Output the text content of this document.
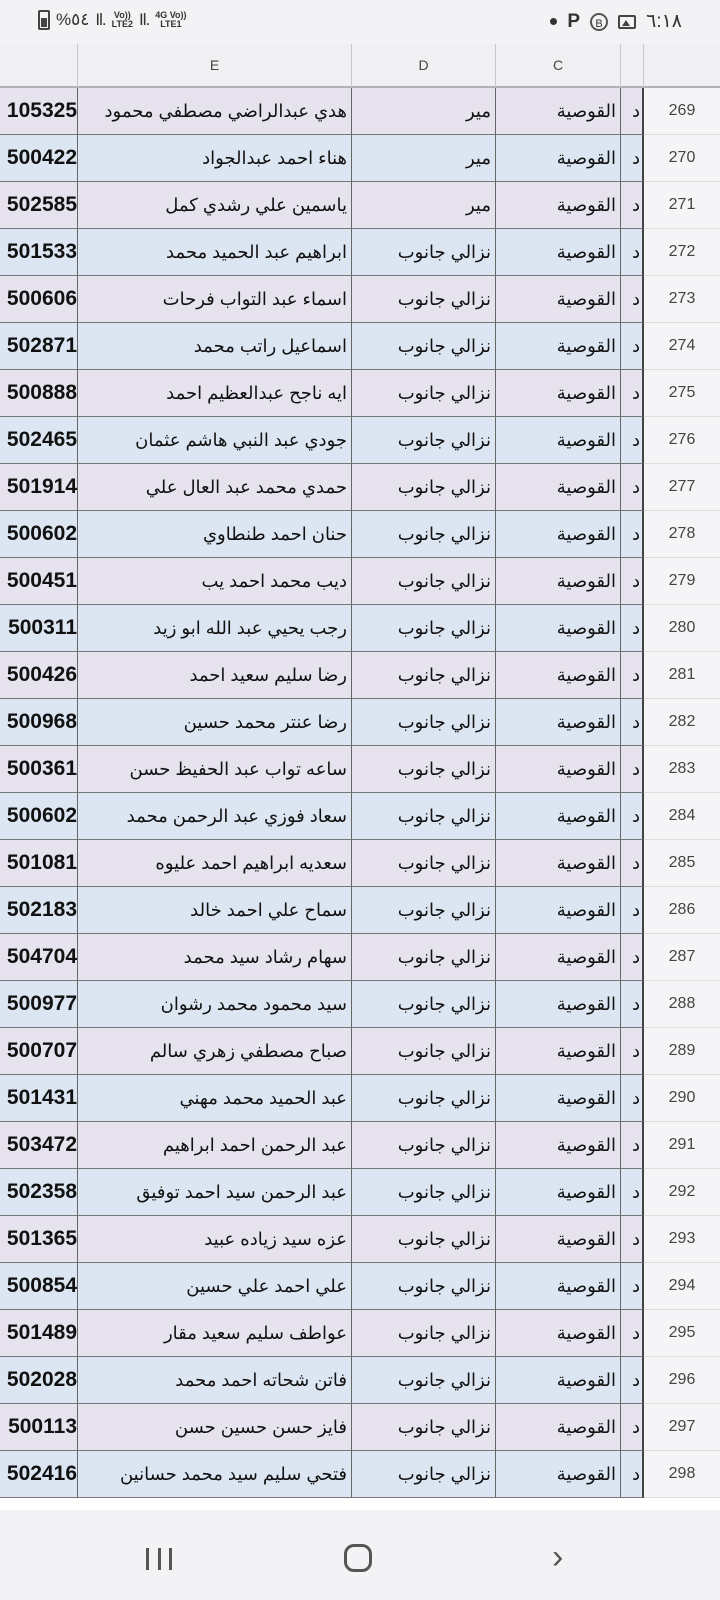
%٥٤ Il. Vo))
LTE2 Il. 4G Vo))
LTE1	P	B ٦:١٨
E	D	C
105325	هدي عبدالراضي مصطفي محمود	مير	القوصية د	269
500422	هناء احمد عبدالجواد	مير	القوصية د	270
502585	ياسمين علي رشدي كمل	مير	القوصية د	271
501533	ابراهيم عبد الحميد محمد	نزالي جانوب	القوصية د	272
500606	اسماء عبد التواب فرحات	نزالي جانوب	القوصية د	273
502871	اسماعيل راتب محمد	نزالي جانوب	القوصية د	274
500888	ايه ناجح عبدالعظيم احمد	نزالي جانوب	القوصية د	275
502465	جودي عبد النبي هاشم عثمان	نزالي جانوب	القوصية د	276
501914	حمدي محمد عبد العال علي	نزالي جانوب	القوصية د	277
500602	حنان احمد طنطاوي	نزالي جانوب	القوصية د	278
500451	ديب محمد احمد يب	نزالي جانوب	القوصية د	279
500311	رجب يحيي عبد الله ابو زيد	نزالي جانوب	القوصية د	280
500426	رضا سليم سعيد احمد	نزالي جانوب	القوصية د	281
500968	رضا عنتر محمد حسين	نزالي جانوب	القوصية د	282
500361	ساعه تواب عبد الحفيظ حسن	نزالي جانوب	القوصية د	283
500602	سعاد فوزي عبد الرحمن محمد	نزالي جانوب	القوصية د	284
501081	سعديه ابراهيم احمد عليوه	نزالي جانوب	القوصية د	285
502183	سماح علي احمد خالد	نزالي جانوب	القوصية د	286
504704	سهام رشاد سيد محمد	نزالي جانوب	القوصية د	287
500977	سيد محمود محمد رشوان	نزالي جانوب	القوصية د	288
500707	صباح مصطفي زهري سالم	نزالي جانوب	القوصية د	289
501431	عبد الحميد محمد مهني	نزالي جانوب	القوصية د	290
503472	عبد الرحمن احمد ابراهيم	نزالي جانوب	القوصية د	291
502358	عبد الرحمن سيد احمد توفيق	نزالي جانوب	القوصية د	292
501365	عزه سيد زياده عبيد	نزالي جانوب	القوصية د	293
500854	علي احمد علي حسين	نزالي جانوب	القوصية د	294
501489	عواطف سليم سعيد مقار	نزالي جانوب	القوصية د	295
502028	فاتن شحاته احمد محمد	نزالي جانوب	القوصية د	296
500113	فايز حسن حسين حسن	نزالي جانوب	القوصية د	297
502416	فتحي سليم سيد محمد حسانين	نزالي جانوب	القوصية د	298
›
